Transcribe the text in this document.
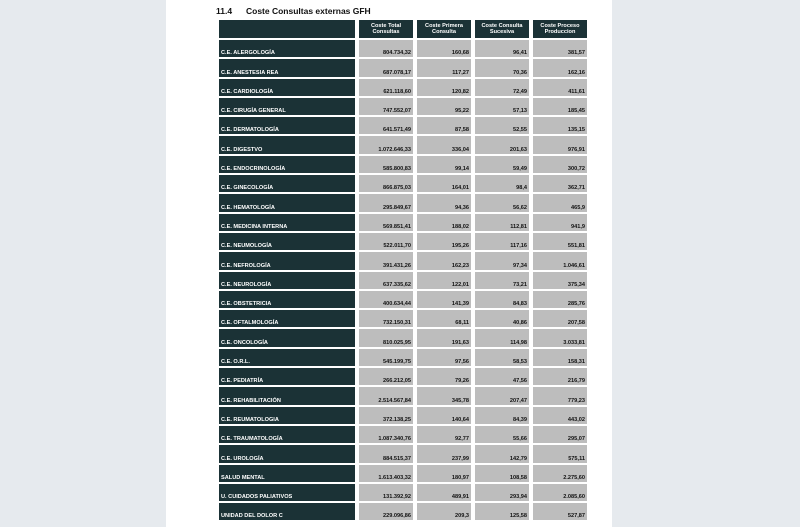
11.4 Coste Consultas externas GFH
	Coste Total Consultas	Coste Primera Consulta	Coste Consulta Sucesiva	Coste Proceso Produccion
C.E. ALERGOLOGÍA	804.734,32	160,68	96,41	381,57
C.E. ANESTESIA REA	687.078,17	117,27	70,36	162,16
C.E. CARDIOLOGÍA	621.118,60	120,82	72,49	411,61
C.E. CIRUGÍA GENERAL	747.552,07	95,22	57,13	185,45
C.E. DERMATOLOGÍA	641.571,49	87,58	52,55	135,15
C.E. DIGESTVO	1.072.646,33	336,04	201,63	976,91
C.E. ENDOCRINOLOGÍA	585.800,83	99,14	59,49	300,72
C.E. GINECOLOGÍA	866.875,03	164,01	98,4	362,71
C.E. HEMATOLOGÍA	295.849,67	94,36	56,62	465,9
C.E. MEDICINA INTERNA	569.851,41	188,02	112,81	941,9
C.E. NEUMOLOGÍA	522.011,70	195,26	117,16	551,81
C.E. NEFROLOGÍA	391.431,26	162,23	97,34	1.046,61
C.E. NEUROLOGÍA	637.335,62	122,01	73,21	375,34
C.E. OBSTETRICIA	400.634,44	141,39	84,83	285,76
C.E. OFTALMOLOGÍA	732.150,31	68,11	40,86	207,58
C.E. ONCOLOGÍA	810.025,95	191,63	114,98	3.033,81
C.E. O.R.L.	545.199,75	97,56	58,53	158,31
C.E. PEDIATRÍA	266.212,05	79,26	47,56	216,79
C.E. REHABILITACIÓN	2.514.567,84	345,78	207,47	779,23
C.E. REUMATOLOGIA	372.138,25	140,64	84,39	443,02
C.E. TRAUMATOLOGÍA	1.087.340,76	92,77	55,66	295,07
C.E. UROLOGÍA	884.515,37	237,99	142,79	575,11
SALUD MENTAL	1.613.403,32	180,97	108,58	2.275,60
U. CUIDADOS PALIATIVOS	131.392,92	489,91	293,94	2.085,60
UNIDAD DEL DOLOR C	229.096,86	209,3	125,58	527,87
